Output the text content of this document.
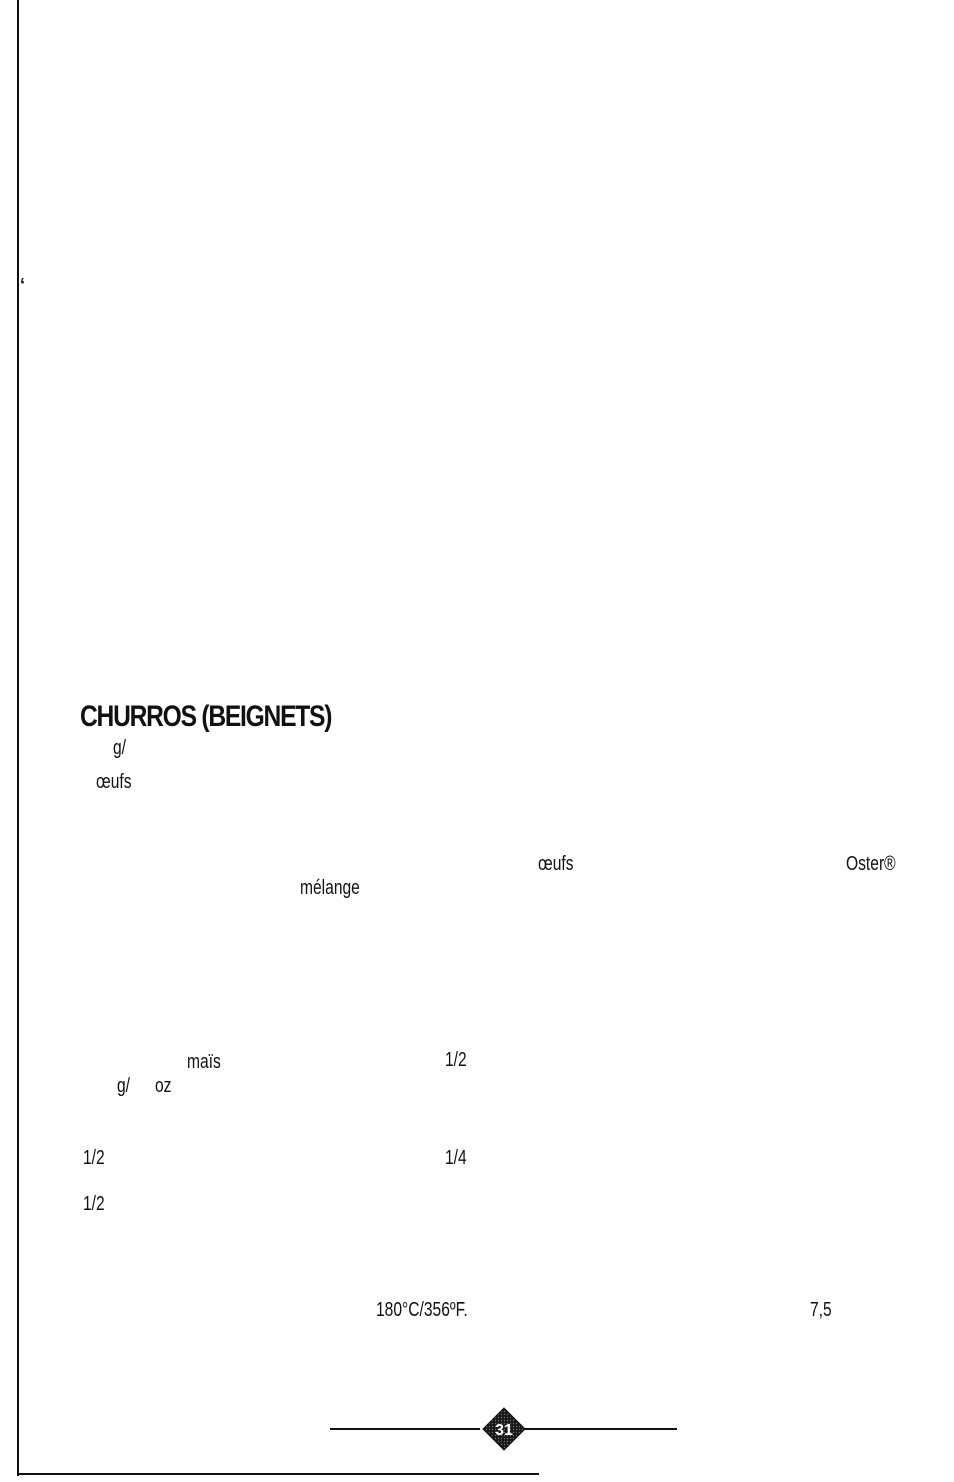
‘
CHURROS (BEIGNETS)
g/
œufs
œufs	Oster®
mélange
maïs	1/2
g/ oz
1/2	1/4
1/2
180°C/356ºF.	7,5
31
